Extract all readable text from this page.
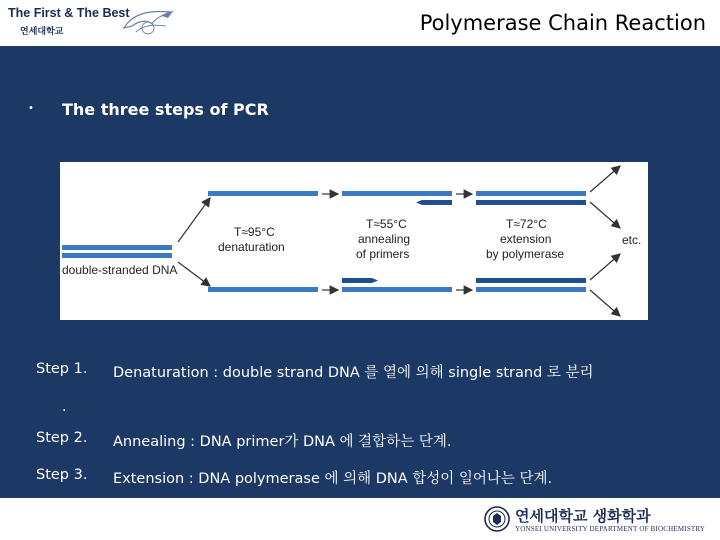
The First & The Best
연세대학교	Polymerase Chain Reaction
• The three steps of PCR
T≈95°C
denaturation
T≈55°C
annealing
of primers
T≈72°C
extension
by polymerase
etc.
double-stranded DNA
Step 1. Denaturation : double strand DNA 를 열에 의해 single strand 로 분리
.
Step 2. Annealing : DNA primer가 DNA 에 결합하는 단계.
Step 3. Extension : DNA polymerase 에 의해 DNA 합성이 일어나는 단계.
연세대학교 생화학과
YONSEI UNIVERSITY DEPARTMENT OF BIOCHEMISTRY
